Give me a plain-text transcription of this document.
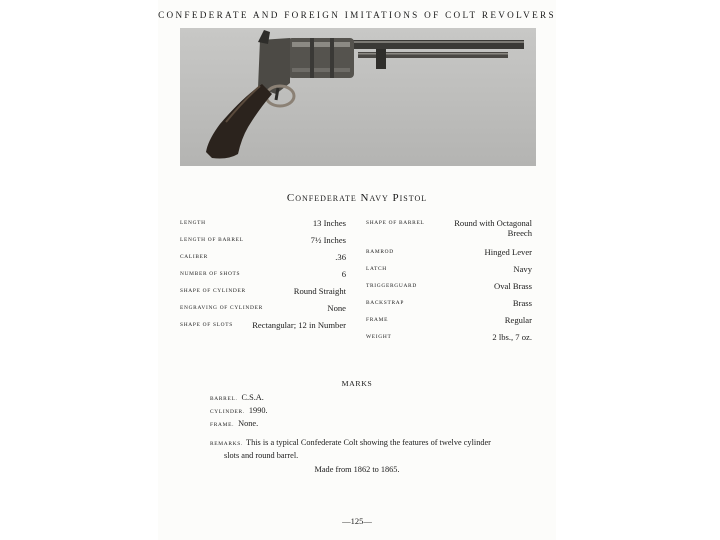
CONFEDERATE AND FOREIGN IMITATIONS OF COLT REVOLVERS
Confederate Navy Pistol
LENGTH	13 Inches
LENGTH OF BARREL	7½ Inches
CALIBER	.36
NUMBER OF SHOTS	6
SHAPE OF CYLINDER	Round Straight
ENGRAVING OF CYLINDER	None
SHAPE OF SLOTS Rectangular; 12 in Number
SHAPE OF BARREL	Round with Octagonal Breech
RAMROD	Hinged Lever
LATCH	Navy
TRIGGERGUARD	Oval Brass
BACKSTRAP	Brass
FRAME	Regular
WEIGHT	2 lbs., 7 oz.
MARKS
BARREL. C.S.A.
CYLINDER. 1990.
FRAME. None.
REMARKS. This is a typical Confederate Colt showing the features of twelve cylinder
slots and round barrel.
Made from 1862 to 1865.
—125—
